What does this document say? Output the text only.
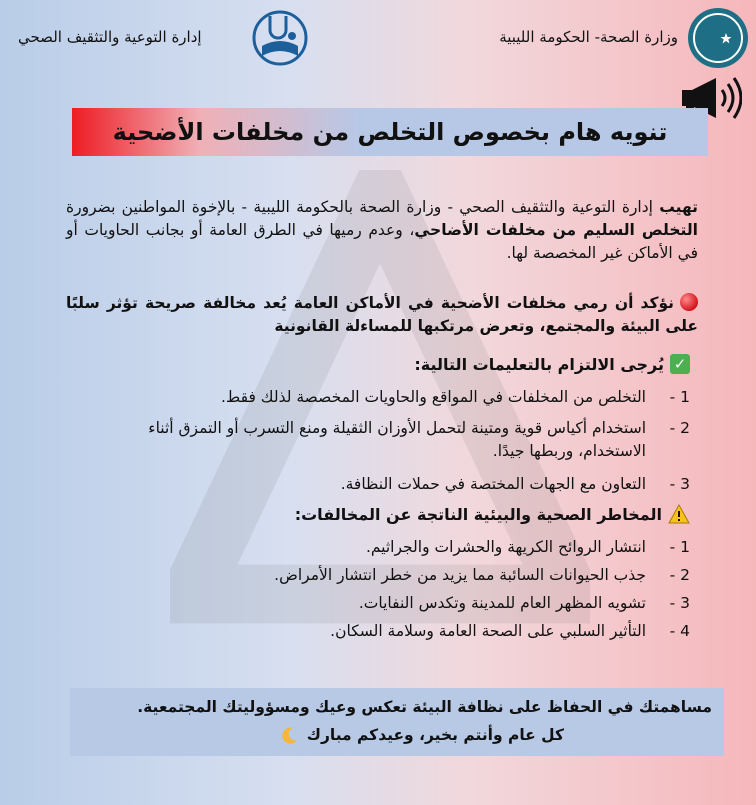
وزارة الصحة- الحكومة الليبية
إدارة التوعية والتثقيف الصحي
تنويه هام بخصوص التخلص من مخلفات الأضحية

تهيب إدارة التوعية والتثقيف الصحي - وزارة الصحة بالحكومة الليبية - بالإخوة المواطنين بضرورة التخلص السليم من مخلفات الأضاحي، وعدم رميها في الطرق العامة أو بجانب الحاويات أو في الأماكن غير المخصصة لها.

نؤكد أن رمي مخلفات الأضحية في الأماكن العامة يُعد مخالفة صريحة تؤثر سلبًا على البيئة والمجتمع، وتعرض مرتكبها للمساءلة القانونية

✓
يُرجى الالتزام بالتعليمات التالية:
1 -
التخلص من المخلفات في المواقع والحاويات المخصصة لذلك فقط.
2 -
استخدام أكياس قوية ومتينة لتحمل الأوزان الثقيلة ومنع التسرب أو التمزق أثناء الاستخدام، وربطها جيدًا.
3 -
التعاون مع الجهات المختصة في حملات النظافة.
المخاطر الصحية والبيئية الناتجة عن المخالفات:
1 -
انتشار الروائح الكريهة والحشرات والجراثيم.
2 -
جذب الحيوانات السائبة مما يزيد من خطر انتشار الأمراض.
3 -
تشويه المظهر العام للمدينة وتكدس النفايات.
4 -
التأثير السلبي على الصحة العامة وسلامة السكان.
مساهمتك في الحفاظ على نظافة البيئة تعكس وعيك ومسؤوليتك المجتمعية.
كل عام وأنتم بخير، وعيدكم مبارك
